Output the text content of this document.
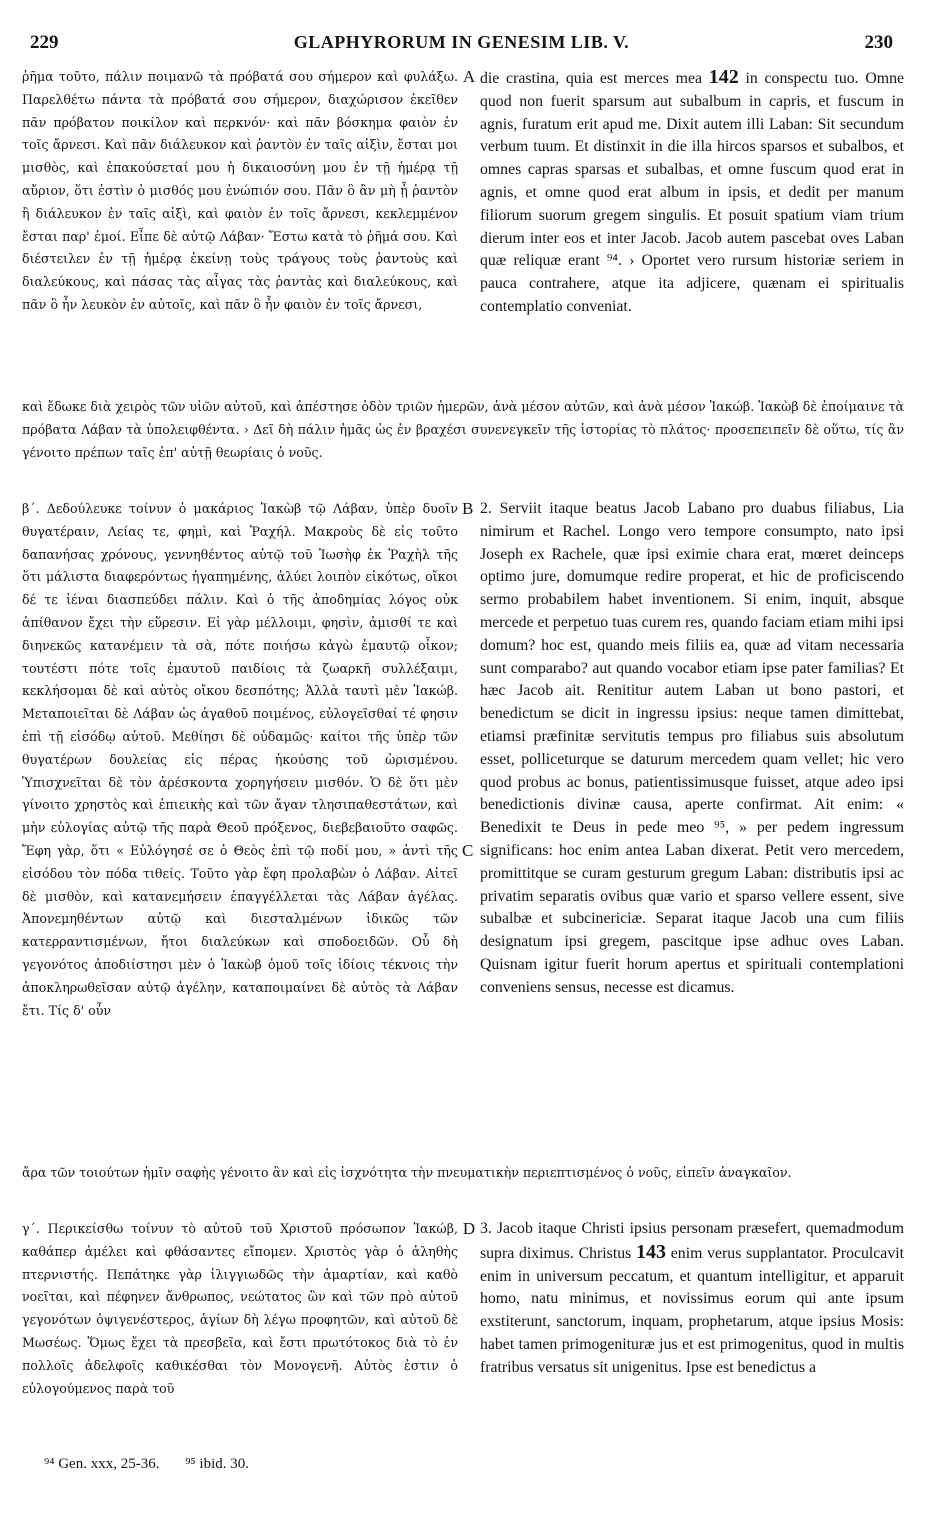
229	GLAPHYRORUM IN GENESIM LIB. V.	230
ῥῆμα τοῦτο, πάλιν ποιμανῶ τὰ πρόβατά σου σήμερον καὶ φυλάξω. Παρελθέτω πάντα τὰ πρόβατά σου σήμερον, διαχώρισον ἐκεῖθεν πᾶν πρόβατον ποικίλον καὶ περκνόν· καὶ πᾶν βόσκημα φαιὸν ἐν τοῖς ἄρνεσι. Καὶ πᾶν διάλευκον καὶ ῥαντὸν ἐν ταῖς αἰξὶν, ἔσται μοι μισθὸς, καὶ ἐπακούσεταί μου ἡ δικαιοσύνη μου ἐν τῇ ἡμέρᾳ τῇ αὔριον, ὅτι ἐστὶν ὁ μισθός μου ἐνώπιόν σου. Πᾶν ὃ ἂν μὴ ᾖ ῥαντὸν ἢ διάλευκον ἐν ταῖς αἰξὶ, καὶ φαιὸν ἐν τοῖς ἄρνεσι, κεκλεμμένον ἔσται παρ' ἐμοί. Εἶπε δὲ αὐτῷ Λάβαν· Ἔστω κατὰ τὸ ῥῆμά σου. Καὶ διέστειλεν ἐν τῇ ἡμέρᾳ ἐκείνῃ τοὺς τράγους τοὺς ῥαντοὺς καὶ διαλεύκους, καὶ πάσας τὰς αἶγας τὰς ῥαντὰς καὶ διαλεύκους, καὶ πᾶν ὃ ἦν λευκὸν ἐν αὐτοῖς, καὶ πᾶν ὃ ἦν φαιὸν ἐν τοῖς ἄρνεσι,
A die crastina, quia est merces mea 142 in conspectu tuo. Omne quod non fuerit sparsum aut subalbum in capris, et fuscum in agnis, furatum erit apud me. Dixit autem illi Laban: Sit secundum verbum tuum. Et distinxit in die illa hircos sparsos et subalbos, et omnes capras sparsas et subalbas, et omne fuscum quod erat in agnis, et omne quod erat album in ipsis, et dedit per manum filiorum suorum gregem singulis. Et posuit spatium viam trium dierum inter eos et inter Jacob. Jacob autem pascebat oves Laban quæ reliquæ erant ⁹⁴. › Oportet vero rursum historiæ seriem in pauca contrahere, atque ita adjicere, quænam ei spiritualis contemplatio conveniat.
καὶ ἔδωκε διὰ χειρὸς τῶν υἱῶν αὐτοῦ, καὶ ἀπέστησε ὁδὸν τριῶν ἡμερῶν, ἀνὰ μέσον αὐτῶν, καὶ ἀνὰ μέσον Ἰακώβ. Ἰακὼβ δὲ ἐποίμαινε τὰ πρόβατα Λάβαν τὰ ὑπολειφθέντα. › Δεῖ δὴ πάλιν ἡμᾶς ὡς ἐν βραχέσι συνενεγκεῖν τῆς ἱστορίας τὸ πλάτος· προσεπειπεῖν δὲ οὕτω, τίς ἂν γένοιτο πρέπων ταῖς ἐπ' αὐτῇ θεωρίαις ὁ νοῦς.
β΄. Δεδούλευκε τοίνυν ὁ μακάριος Ἰακὼβ τῷ Λάβαν, ὑπὲρ δυοῖν θυγατέραιν, Λείας τε, φημὶ, καὶ Ῥαχήλ. Μακροὺς δὲ εἰς τοῦτο δαπανήσας χρόνους, γεννηθέντος αὐτῷ τοῦ Ἰωσὴφ ἐκ Ῥαχὴλ τῆς ὅτι μάλιστα διαφερόντως ἠγαπημένης, ἀλύει λοιπὸν εἰκότως, οἴκοι δέ τε ἰέναι διασπεύδει πάλιν. Καὶ ὁ τῆς ἀποδημίας λόγος οὐκ ἀπίθανον ἔχει τὴν εὕρεσιν. Εἰ γὰρ μέλλοιμι, φησὶν, ἀμισθί τε καὶ διηνεκῶς κατανέμειν τὰ σὰ, πότε ποιήσω κἀγὼ ἐμαυτῷ οἶκον; τουτέστι πότε τοῖς ἐμαυτοῦ παιδίοις τὰ ζωαρκῆ συλλέξαιμι, κεκλήσομαι δὲ καὶ αὐτὸς οἴκου δεσπότης; Ἀλλὰ ταυτὶ μὲν Ἰακώβ. Μεταποιεῖται δὲ Λάβαν ὡς ἀγαθοῦ ποιμένος, εὐλογεῖσθαί τέ φησιν ἐπὶ τῇ εἰσόδῳ αὐτοῦ. Μεθίησι δὲ οὐδαμῶς· καίτοι τῆς ὑπὲρ τῶν θυγατέρων δουλείας εἰς πέρας ἡκούσης τοῦ ὡρισμένου. Ὑπισχνεῖται δὲ τὸν ἀρέσκοντα χορηγήσειν μισθόν. Ὁ δὲ ὅτι μὲν γίνοιτο χρηστὸς καὶ ἐπιεικὴς καὶ τῶν ἄγαν τλησιπαθεστάτων, καὶ μὴν εὐλογίας αὐτῷ τῆς παρὰ Θεοῦ πρόξενος, διεβεβαιοῦτο σαφῶς. Ἔφη γὰρ, ὅτι « Εὐλόγησέ σε ὁ Θεὸς ἐπὶ τῷ ποδί μου, » ἀντὶ τῆς εἰσόδου τὸν πόδα τιθείς. Τοῦτο γὰρ ἔφη προλαβὼν ὁ Λάβαν. Αἰτεῖ δὲ μισθὸν, καὶ κατανεμήσειν ἐπαγγέλλεται τὰς Λάβαν ἀγέλας. Ἀπονεμηθέντων αὐτῷ καὶ διεσταλμένων ἰδικῶς τῶν κατερραντισμένων, ἤτοι διαλεύκων καὶ σποδοειδῶν. Οὗ δὴ γεγονότος ἀποδιίστησι μὲν ὁ Ἰακὼβ ὁμοῦ τοῖς ἰδίοις τέκνοις τὴν ἀποκληρωθεῖσαν αὐτῷ ἀγέλην, καταποιμαίνει δὲ αὐτὸς τὰ Λάβαν ἔτι. Τίς δ' οὖν
B
C
2. Serviit itaque beatus Jacob Labano pro duabus filiabus, Lia nimirum et Rachel. Longo vero tempore consumpto, nato ipsi Joseph ex Rachele, quæ ipsi eximie chara erat, mœret deinceps optimo jure, domumque redire properat, et hic de proficiscendo sermo probabilem habet inventionem. Si enim, inquit, absque mercede et perpetuo tuas curem res, quando faciam etiam mihi ipsi domum? hoc est, quando meis filiis ea, quæ ad vitam necessaria sunt comparabo? aut quando vocabor etiam ipse pater familias? Et hæc Jacob ait. Renititur autem Laban ut bono pastori, et benedictum se dicit in ingressu ipsius: neque tamen dimittebat, etiamsi præfinitæ servitutis tempus pro filiabus suis absolutum esset, polliceturque se daturum mercedem quam vellet; hic vero quod probus ac bonus, patientissimusque fuisset, atque adeo ipsi benedictionis divinæ causa, aperte confirmat. Ait enim: « Benedixit te Deus in pede meo ⁹⁵, » per pedem ingressum significans: hoc enim antea Laban dixerat. Petit vero mercedem, promittitque se curam gesturum gregum Laban: distributis ipsi ac privatim separatis ovibus quæ vario et sparso vellere essent, sive subalbæ et subcinericiæ. Separat itaque Jacob una cum filiis designatum ipsi gregem, pascitque ipse adhuc oves Laban. Quisnam igitur fuerit horum apertus et spirituali contemplationi conveniens sensus, necesse est dicamus.
ἄρα τῶν τοιούτων ἡμῖν σαφὴς γένοιτο ἂν καὶ εἰς ἰσχνότητα τὴν πνευματικὴν περιεπτισμένος ὁ νοῦς, εἰπεῖν ἀναγκαῖον.
γ΄. Περικείσθω τοίνυν τὸ αὐτοῦ τοῦ Χριστοῦ πρόσωπον Ἰακώβ, καθάπερ ἀμέλει καὶ φθάσαντες εἴπομεν. Χριστὸς γὰρ ὁ ἀληθὴς πτερνιστής. Πεπάτηκε γὰρ ἰλιγγιωδῶς τὴν ἁμαρτίαν, καὶ καθὸ νοεῖται, καὶ πέφηνεν ἄνθρωπος, νεώτατος ὢν καὶ τῶν πρὸ αὐτοῦ γεγονότων ὀψιγενέστερος, ἁγίων δὴ λέγω προφητῶν, καὶ αὐτοῦ δὲ Μωσέως. Ὅμως ἔχει τὰ πρεσβεῖα, καὶ ἔστι πρωτότοκος διὰ τὸ ἐν πολλοῖς ἀδελφοῖς καθικέσθαι τὸν Μονογενῆ. Αὐτὸς ἐστιν ὁ εὐλογούμενος παρὰ τοῦ
D 3. Jacob itaque Christi ipsius personam præsefert, quemadmodum supra diximus. Christus 143 enim verus supplantator. Proculcavit enim in universum peccatum, et quantum intelligitur, et apparuit homo, natu minimus, et novissimus eorum qui ante ipsum exstiterunt, sanctorum, inquam, prophetarum, atque ipsius Mosis: habet tamen primogenituræ jus et est primogenitus, quod in multis fratribus versatus sit unigenitus. Ipse est benedictus a
⁹⁴ Gen. xxx, 25-36. ⁹⁵ ibid. 30.
